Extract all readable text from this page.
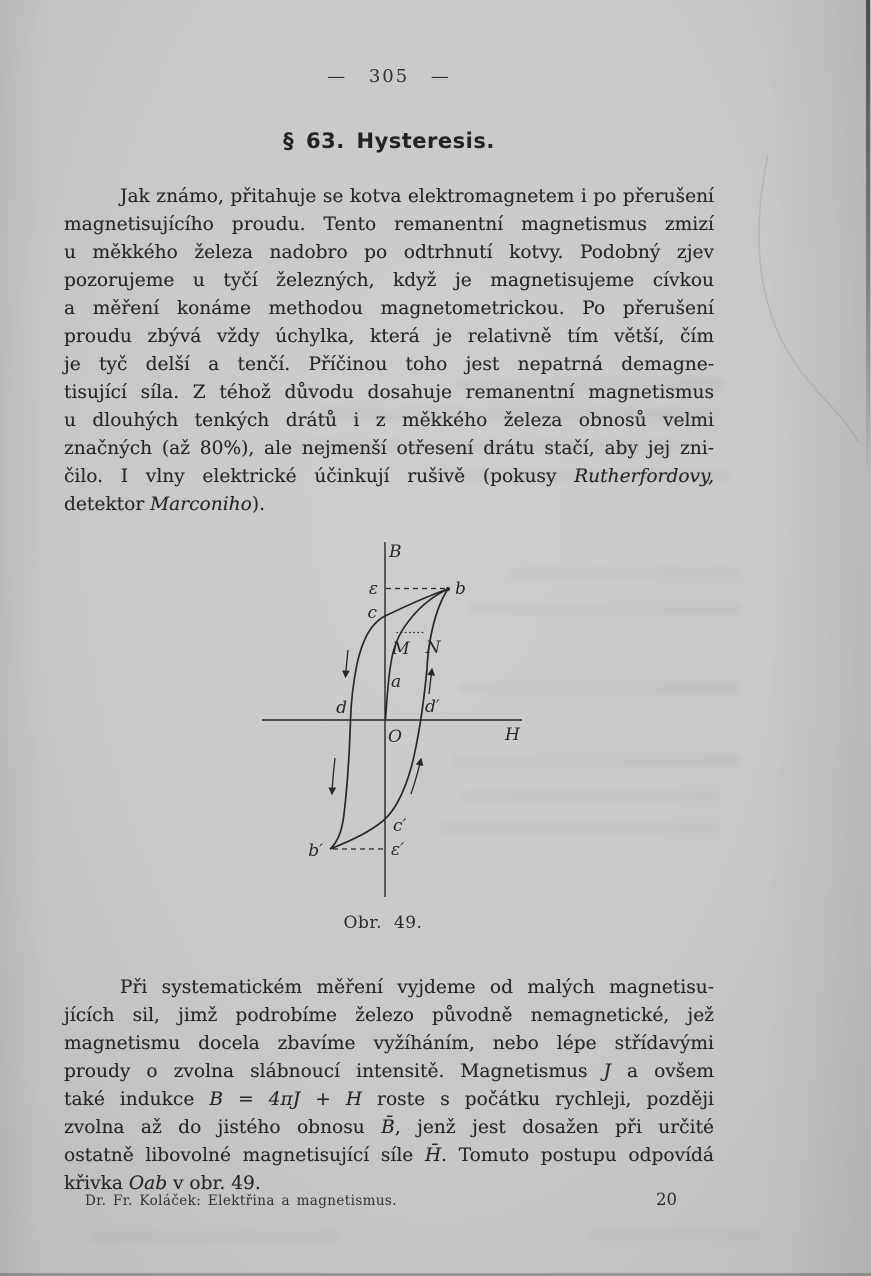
— 305 —
§ 63. Hysteresis.
Jak známo, přitahuje se kotva elektromagnetem i po přerušení
magnetisujícího proudu. Tento remanentní magnetismus zmizí
u měkkého železa nadobro po odtrhnutí kotvy. Podobný zjev
pozorujeme u tyčí železných, když je magnetisujeme cívkou
a měření konáme methodou magnetometrickou. Po přerušení
proudu zbývá vždy úchylka, která je relativně tím větší, čím
je tyč delší a tenčí. Příčinou toho jest nepatrná demagne-
tisující síla. Z téhož důvodu dosahuje remanentní magnetismus
u dlouhých tenkých drátů i z měkkého železa obnosů velmi
značných (až 80%), ale nejmenší otřesení drátu stačí, aby jej zni-
čilo. I vlny elektrické účinkují rušivě (pokusy Rutherfordovy,
detektor Marconiho).
Při systematickém měření vyjdeme od malých magnetisu-
jících sil, jimž podrobíme železo původně nemagnetické, jež
magnetismu docela zbavíme vyžíháním, nebo lépe střídavými
proudy o zvolna slábnoucí intensitě. Magnetismus J a ovšem
také indukce B = 4πJ + H roste s počátku rychleji, později
zvolna až do jistého obnosu B̄, jenž jest dosažen při určité
ostatně libovolné magnetisující síle H̄. Tomuto postupu odpovídá
křivka Oab v obr. 49.
B
H
O
b
ε
c
d	d′
M N
a
c′
ε′
b′
Obr. 49.
Dr. Fr. Koláček: Elektřina a magnetismus.	20
